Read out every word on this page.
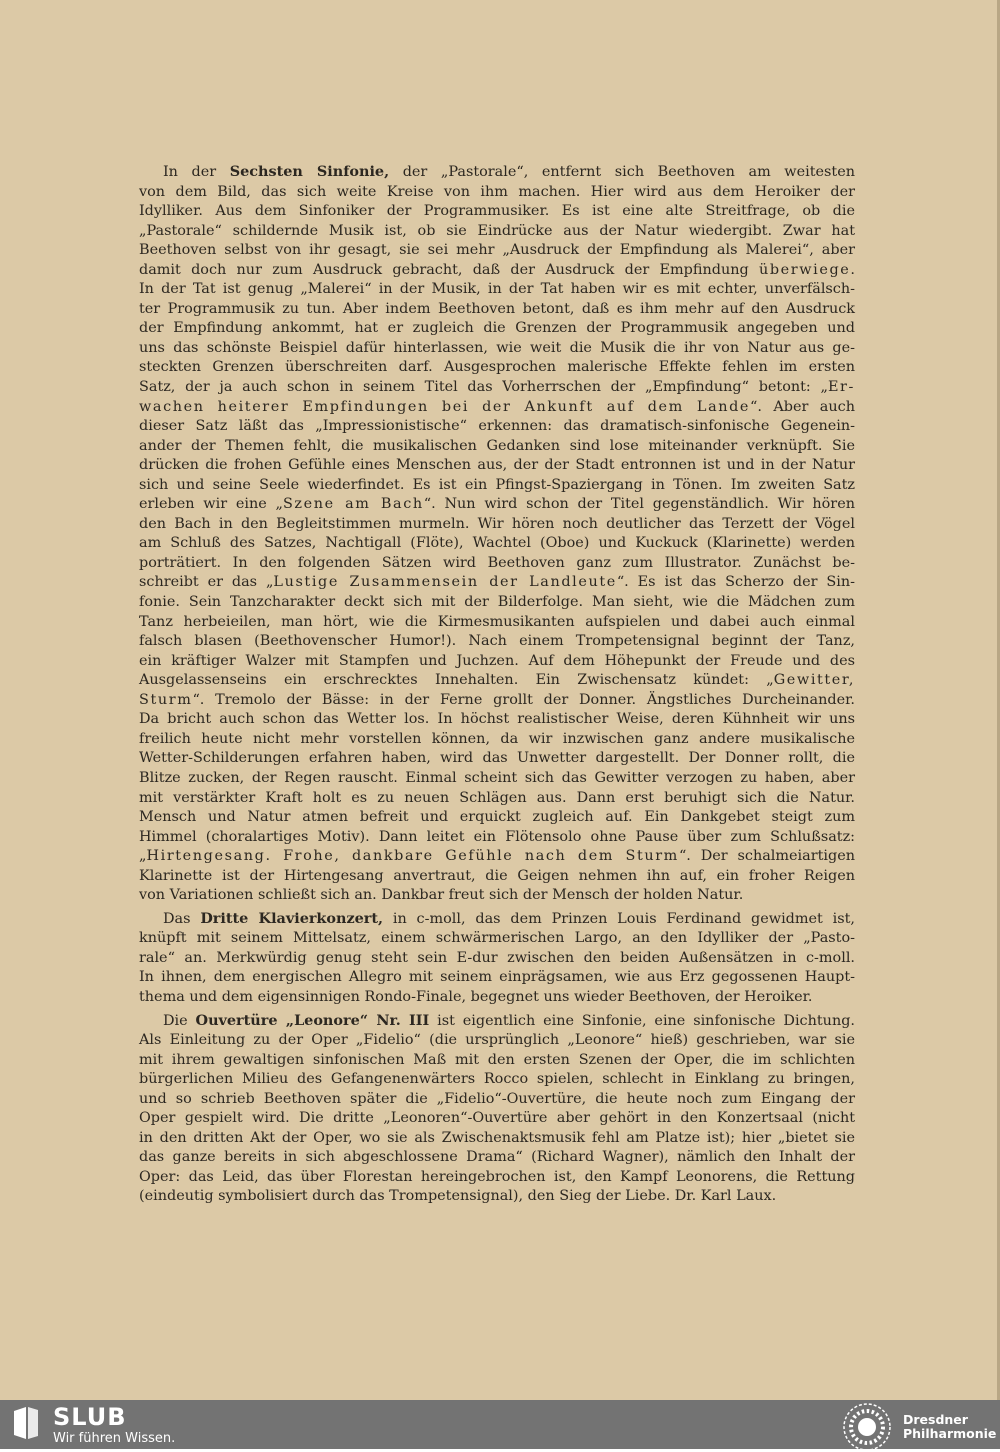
In der Sechsten Sinfonie, der „Pastorale“, entfernt sich Beethoven am weitesten
von dem Bild, das sich weite Kreise von ihm machen. Hier wird aus dem Heroiker der
Idylliker. Aus dem Sinfoniker der Programmusiker. Es ist eine alte Streitfrage, ob die
„Pastorale“ schildernde Musik ist, ob sie Eindrücke aus der Natur wiedergibt. Zwar hat
Beethoven selbst von ihr gesagt, sie sei mehr „Ausdruck der Empfindung als Malerei“, aber
damit doch nur zum Ausdruck gebracht, daß der Ausdruck der Empfindung überwiege.
In der Tat ist genug „Malerei“ in der Musik, in der Tat haben wir es mit echter, unverfälsch-
ter Programmusik zu tun. Aber indem Beethoven betont, daß es ihm mehr auf den Ausdruck
der Empfindung ankommt, hat er zugleich die Grenzen der Programmusik angegeben und
uns das schönste Beispiel dafür hinterlassen, wie weit die Musik die ihr von Natur aus ge-
steckten Grenzen überschreiten darf. Ausgesprochen malerische Effekte fehlen im ersten
Satz, der ja auch schon in seinem Titel das Vorherrschen der „Empfindung“ betont: „Er-
wachen heiterer Empfindungen bei der Ankunft auf dem Lande“. Aber auch
dieser Satz läßt das „Impressionistische“ erkennen: das dramatisch-sinfonische Gegenein-
ander der Themen fehlt, die musikalischen Gedanken sind lose miteinander verknüpft. Sie
drücken die frohen Gefühle eines Menschen aus, der der Stadt entronnen ist und in der Natur
sich und seine Seele wiederfindet. Es ist ein Pfingst-Spaziergang in Tönen. Im zweiten Satz
erleben wir eine „Szene am Bach“. Nun wird schon der Titel gegenständlich. Wir hören
den Bach in den Begleitstimmen murmeln. Wir hören noch deutlicher das Terzett der Vögel
am Schluß des Satzes, Nachtigall (Flöte), Wachtel (Oboe) und Kuckuck (Klarinette) werden
porträtiert. In den folgenden Sätzen wird Beethoven ganz zum Illustrator. Zunächst be-
schreibt er das „Lustige Zusammensein der Landleute“. Es ist das Scherzo der Sin-
fonie. Sein Tanzcharakter deckt sich mit der Bilderfolge. Man sieht, wie die Mädchen zum
Tanz herbeieilen, man hört, wie die Kirmesmusikanten aufspielen und dabei auch einmal
falsch blasen (Beethovenscher Humor!). Nach einem Trompetensignal beginnt der Tanz,
ein kräftiger Walzer mit Stampfen und Juchzen. Auf dem Höhepunkt der Freude und des
Ausgelassenseins ein erschrecktes Innehalten. Ein Zwischensatz kündet: „Gewitter,
Sturm“. Tremolo der Bässe: in der Ferne grollt der Donner. Ängstliches Durcheinander.
Da bricht auch schon das Wetter los. In höchst realistischer Weise, deren Kühnheit wir uns
freilich heute nicht mehr vorstellen können, da wir inzwischen ganz andere musikalische
Wetter-Schilderungen erfahren haben, wird das Unwetter dargestellt. Der Donner rollt, die
Blitze zucken, der Regen rauscht. Einmal scheint sich das Gewitter verzogen zu haben, aber
mit verstärkter Kraft holt es zu neuen Schlägen aus. Dann erst beruhigt sich die Natur.
Mensch und Natur atmen befreit und erquickt zugleich auf. Ein Dankgebet steigt zum
Himmel (choralartiges Motiv). Dann leitet ein Flötensolo ohne Pause über zum Schlußsatz:
„Hirtengesang. Frohe, dankbare Gefühle nach dem Sturm“. Der schalmeiartigen
Klarinette ist der Hirtengesang anvertraut, die Geigen nehmen ihn auf, ein froher Reigen
von Variationen schließt sich an. Dankbar freut sich der Mensch der holden Natur.

Das Dritte Klavierkonzert, in c-moll, das dem Prinzen Louis Ferdinand gewidmet ist,
knüpft mit seinem Mittelsatz, einem schwärmerischen Largo, an den Idylliker der „Pasto-
rale“ an. Merkwürdig genug steht sein E-dur zwischen den beiden Außensätzen in c-moll.
In ihnen, dem energischen Allegro mit seinem einprägsamen, wie aus Erz gegossenen Haupt-
thema und dem eigensinnigen Rondo-Finale, begegnet uns wieder Beethoven, der Heroiker.

Die Ouvertüre „Leonore“ Nr. III ist eigentlich eine Sinfonie, eine sinfonische Dichtung.
Als Einleitung zu der Oper „Fidelio“ (die ursprünglich „Leonore“ hieß) geschrieben, war sie
mit ihrem gewaltigen sinfonischen Maß mit den ersten Szenen der Oper, die im schlichten
bürgerlichen Milieu des Gefangenenwärters Rocco spielen, schlecht in Einklang zu bringen,
und so schrieb Beethoven später die „Fidelio“-Ouvertüre, die heute noch zum Eingang der
Oper gespielt wird. Die dritte „Leonoren“-Ouvertüre aber gehört in den Konzertsaal (nicht
in den dritten Akt der Oper, wo sie als Zwischenaktsmusik fehl am Platze ist); hier „bietet sie
das ganze bereits in sich abgeschlossene Drama“ (Richard Wagner), nämlich den Inhalt der
Oper: das Leid, das über Florestan hereingebrochen ist, den Kampf Leonorens, die Rettung
(eindeutig symbolisiert durch das Trompetensignal), den Sieg der Liebe. Dr. Karl Laux.

SLUB
Wir führen Wissen.
Dresdner
Philharmonie
